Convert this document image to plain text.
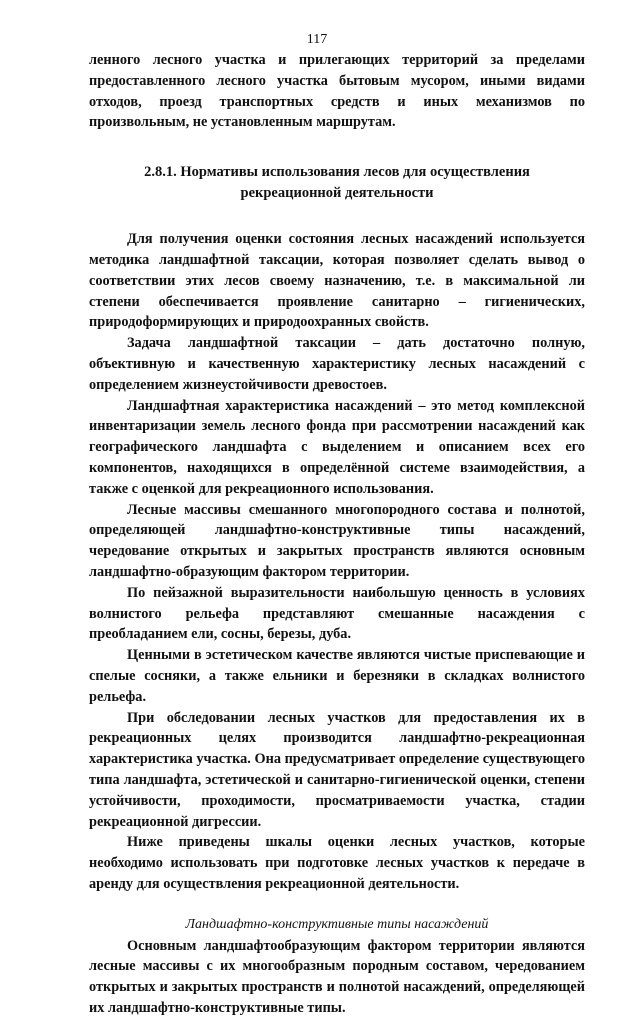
117

ленного лесного участка и прилегающих территорий за пределами предоставленного лесного участка бытовым мусором, иными видами отходов, проезд транспортных средств и иных механизмов по произвольным, не установленным маршрутам.

2.8.1. Нормативы использования лесов для осуществления рекреационной деятельности

Для получения оценки состояния лесных насаждений используется методика ландшафтной таксации, которая позволяет сделать вывод о соответствии этих лесов своему назначению, т.е. в максимальной ли степени обеспечивается проявление санитарно – гигиенических, природоформирующих и природоохранных свойств.

Задача ландшафтной таксации – дать достаточно полную, объективную и качественную характеристику лесных насаждений с определением жизнеустойчивости древостоев.

Ландшафтная характеристика насаждений – это метод комплексной инвентаризации земель лесного фонда при рассмотрении насаждений как географического ландшафта с выделением и описанием всех его компонентов, находящихся в определённой системе взаимодействия, а также с оценкой для рекреационного использования.

Лесные массивы смешанного многопородного состава и полнотой, определяющей ландшафтно-конструктивные типы насаждений, чередование открытых и закрытых пространств являются основным ландшафтно-образующим фактором территории.

По пейзажной выразительности наибольшую ценность в условиях волнистого рельефа представляют смешанные насаждения с преобладанием ели, сосны, березы, дуба.

Ценными в эстетическом качестве являются чистые приспевающие и спелые сосняки, а также ельники и березняки в складках волнистого рельефа.

При обследовании лесных участков для предоставления их в рекреационных целях производится ландшафтно-рекреационная характеристика участка. Она предусматривает определение существующего типа ландшафта, эстетической и санитарно-гигиенической оценки, степени устойчивости, проходимости, просматриваемости участка, стадии рекреационной дигрессии.

Ниже приведены шкалы оценки лесных участков, которые необходимо использовать при подготовке лесных участков к передаче в аренду для осуществления рекреационной деятельности.

Ландшафтно-конструктивные типы насаждений

Основным ландшафтообразующим фактором территории являются лесные массивы с их многообразным породным составом, чередованием открытых и закрытых пространств и полнотой насаждений, определяющей их ландшафтно-конструктивные типы.
